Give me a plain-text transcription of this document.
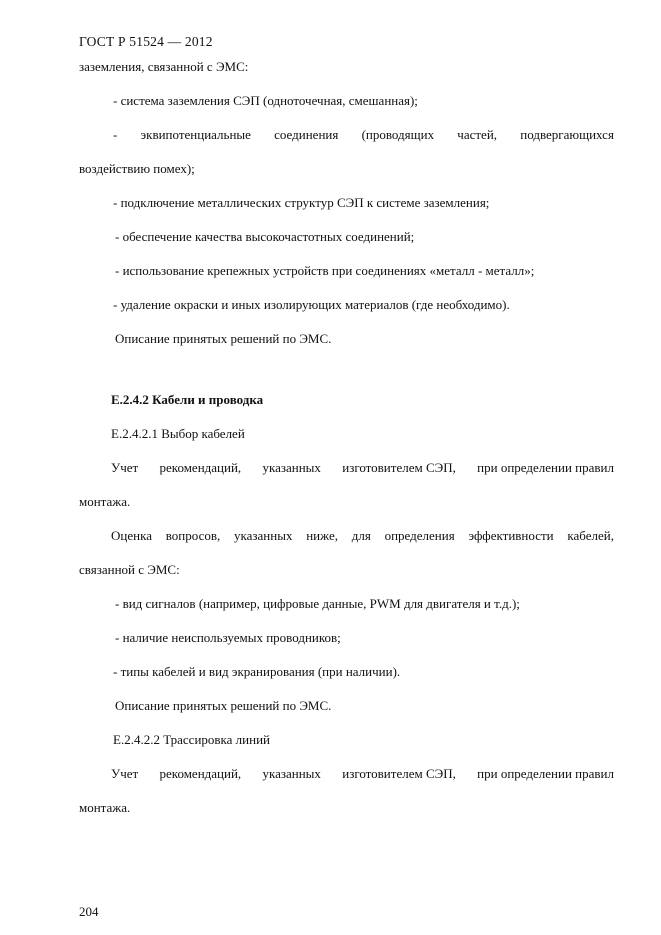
ГОСТ Р 51524 — 2012
заземления, связанной с ЭМС:
- система заземления СЭП (одноточечная, смешанная);
- эквипотенциальные соединения (проводящих частей, подвергающихся
воздействию помех);
- подключение металлических структур СЭП к системе заземления;
- обеспечение качества высокочастотных соединений;
- использование крепежных устройств при соединениях «металл - металл»;
- удаление окраски и иных изолирующих материалов (где необходимо).
Описание принятых решений по ЭМС.
Е.2.4.2 Кабели и проводка
Е.2.4.2.1 Выбор кабелей
Учет рекомендаций, указанных изготовителем СЭП, при определении правил
монтажа.
Оценка вопросов, указанных ниже, для определения эффективности кабелей,
связанной с ЭМС:
- вид сигналов (например, цифровые данные, PWM для двигателя и т.д.);
- наличие неиспользуемых проводников;
- типы кабелей и вид экранирования (при наличии).
Описание принятых решений по ЭМС.
Е.2.4.2.2 Трассировка линий
Учет рекомендаций, указанных изготовителем СЭП, при определении правил
монтажа.
204
